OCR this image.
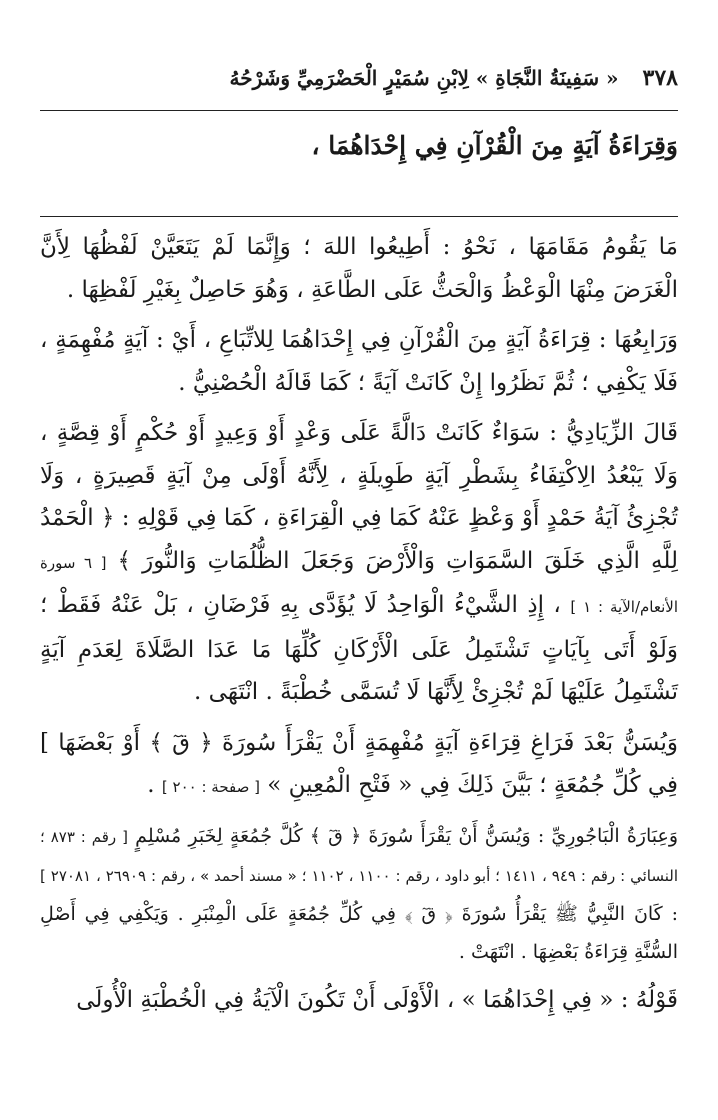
٣٧٨
« سَفِينَةُ النَّجَاةِ » لِابْنِ سُمَيْرٍ الْحَضْرَمِيِّ وَشَرْحُهُ
وَقِرَاءَةُ آيَةٍ مِنَ الْقُرْآنِ فِي إِحْدَاهُمَا ،

مَا يَقُومُ مَقَامَهَا ، نَحْوُ : أَطِيعُوا اللهَ ؛ وَإِنَّمَا لَمْ يَتَعَيَّنْ لَفْظُهَا لِأَنَّ الْغَرَضَ مِنْهَا الْوَعْظُ وَالْحَثُّ عَلَى الطَّاعَةِ ، وَهُوَ حَاصِلٌ بِغَيْرِ لَفْظِهَا .

وَرَابِعُهَا : قِرَاءَةُ آيَةٍ مِنَ الْقُرْآنِ فِي إِحْدَاهُمَا لِلاتِّبَاعِ ، أَيْ : آيَةٍ مُفْهِمَةٍ ، فَلَا يَكْفِي ؛ ثُمَّ نَظَرُوا إِنْ كَانَتْ آيَةً ؛ كَمَا قَالَهُ الْحُصْنِيُّ .

قَالَ الزِّيَادِيُّ : سَوَاءٌ كَانَتْ دَالَّةً عَلَى وَعْدٍ أَوْ وَعِيدٍ أَوْ حُكْمٍ أَوْ قِصَّةٍ ، وَلَا يَبْعُدُ الِاكْتِفَاءُ بِشَطْرِ آيَةٍ طَوِيلَةٍ ، لِأَنَّهُ أَوْلَى مِنْ آيَةٍ قَصِيرَةٍ ، وَلَا تُجْزِئُ آيَةُ حَمْدٍ أَوْ وَعْظٍ عَنْهُ كَمَا فِي الْقِرَاءَةِ ، كَمَا فِي قَوْلِهِ : ﴿ الْحَمْدُ لِلَّهِ الَّذِي خَلَقَ السَّمَوَاتِ وَالْأَرْضَ وَجَعَلَ الظُّلُمَاتِ وَالنُّورَ ﴾ [ ٦ سورة الأنعام/الآية : ١ ] ، إِذِ الشَّيْءُ الْوَاحِدُ لَا يُؤَدَّى بِهِ فَرْضَانِ ، بَلْ عَنْهُ فَقَطْ ؛ وَلَوْ أَتَى بِآيَاتٍ تَشْتَمِلُ عَلَى الْأَرْكَانِ كُلِّهَا مَا عَدَا الصَّلَاةَ لِعَدَمِ آيَةٍ تَشْتَمِلُ عَلَيْهَا لَمْ تُجْزِئْ لِأَنَّهَا لَا تُسَمَّى خُطْبَةً . انْتَهَى .

وَيُسَنُّ بَعْدَ فَرَاغِ قِرَاءَةِ آيَةٍ مُفْهِمَةٍ أَنْ يَقْرَأَ سُورَةَ ﴿ قٓ ﴾ أَوْ بَعْضَهَا ] فِي كُلِّ جُمُعَةٍ ؛ بَيَّنَ ذَلِكَ فِي « فَتْحِ الْمُعِينِ » [ صفحة : ٢٠٠ ] .

وَعِبَارَةُ الْبَاجُورِيِّ : وَيُسَنُّ أَنْ يَقْرَأَ سُورَةَ ﴿ قٓ ﴾ كُلَّ جُمُعَةٍ لِخَبَرِ مُسْلِمٍ [ رقم : ٨٧٣ ؛ النسائي : رقم : ٩٤٩ ، ١٤١١ ؛ أبو داود ، رقم : ١١٠٠ ، ١١٠٢ ؛ « مسند أحمد » ، رقم : ٢٦٩٠٩ ، ٢٧٠٨١ ] : كَانَ النَّبِيُّ ﷺ يَقْرَأُ سُورَةَ ﴿ قٓ ﴾ فِي كُلِّ جُمُعَةٍ عَلَى الْمِنْبَرِ . وَيَكْفِي فِي أَصْلِ السُّنَّةِ قِرَاءَةُ بَعْضِهَا . انْتَهَتْ .

قَوْلُهُ : « فِي إِحْدَاهُمَا » ، الْأَوْلَى أَنْ تَكُونَ الْآيَةُ فِي الْخُطْبَةِ الْأُولَى
